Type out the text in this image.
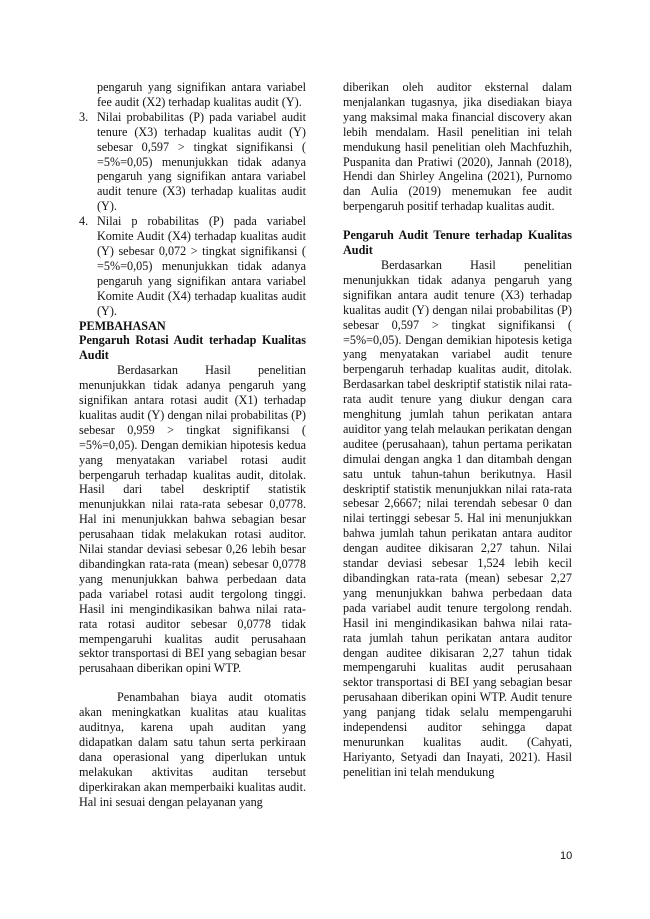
pengaruh yang signifikan antara variabel fee audit (X2) terhadap kualitas audit (Y).

3. Nilai probabilitas (P) pada variabel audit tenure (X3) terhadap kualitas audit (Y) sebesar 0,597 > tingkat signifikansi ( =5%=0,05) menunjukkan tidak adanya pengaruh yang signifikan antara variabel audit tenure (X3) terhadap kualitas audit (Y).
4. Nilai p robabilitas (P) pada variabel Komite Audit (X4) terhadap kualitas audit (Y) sebesar 0,072 > tingkat signifikansi ( =5%=0,05) menunjukkan tidak adanya pengaruh yang signifikan antara variabel Komite Audit (X4) terhadap kualitas audit (Y).

PEMBAHASAN

Pengaruh Rotasi Audit terhadap Kualitas Audit

Berdasarkan Hasil penelitian menunjukkan tidak adanya pengaruh yang signifikan antara rotasi audit (X1) terhadap kualitas audit (Y) dengan nilai probabilitas (P) sebesar 0,959 > tingkat signifikansi ( =5%=0,05). Dengan demikian hipotesis kedua yang menyatakan variabel rotasi audit berpengaruh terhadap kualitas audit, ditolak. Hasil dari tabel deskriptif statistik menunjukkan nilai rata-rata sebesar 0,0778. Hal ini menunjukkan bahwa sebagian besar perusahaan tidak melakukan rotasi auditor. Nilai standar deviasi sebesar 0,26 lebih besar dibandingkan rata-rata (mean) sebesar 0,0778 yang menunjukkan bahwa perbedaan data pada variabel rotasi audit tergolong tinggi. Hasil ini mengindikasikan bahwa nilai rata-rata rotasi auditor sebesar 0,0778 tidak mempengaruhi kualitas audit perusahaan sektor transportasi di BEI yang sebagian besar perusahaan diberikan opini WTP.

Penambahan biaya audit otomatis akan meningkatkan kualitas atau kualitas auditnya, karena upah auditan yang didapatkan dalam satu tahun serta perkiraan dana operasional yang diperlukan untuk melakukan aktivitas auditan tersebut diperkirakan akan memperbaiki kualitas audit. Hal ini sesuai dengan pelayanan yang

diberikan oleh auditor eksternal dalam menjalankan tugasnya, jika disediakan biaya yang maksimal maka financial discovery akan lebih mendalam. Hasil penelitian ini telah mendukung hasil penelitian oleh Machfuzhih, Puspanita dan Pratiwi (2020), Jannah (2018), Hendi dan Shirley Angelina (2021), Purnomo dan Aulia (2019) menemukan fee audit berpengaruh positif terhadap kualitas audit.

Pengaruh Audit Tenure terhadap Kualitas Audit

Berdasarkan Hasil penelitian menunjukkan tidak adanya pengaruh yang signifikan antara audit tenure (X3) terhadap kualitas audit (Y) dengan nilai probabilitas (P) sebesar 0,597 > tingkat signifikansi ( =5%=0,05). Dengan demikian hipotesis ketiga yang menyatakan variabel audit tenure berpengaruh terhadap kualitas audit, ditolak. Berdasarkan tabel deskriptif statistik nilai rata-rata audit tenure yang diukur dengan cara menghitung jumlah tahun perikatan antara auiditor yang telah melaukan perikatan dengan auditee (perusahaan), tahun pertama perikatan dimulai dengan angka 1 dan ditambah dengan satu untuk tahun-tahun berikutnya. Hasil deskriptif statistik menunjukkan nilai rata-rata sebesar 2,6667; nilai terendah sebesar 0 dan nilai tertinggi sebesar 5. Hal ini menunjukkan bahwa jumlah tahun perikatan antara auditor dengan auditee dikisaran 2,27 tahun. Nilai standar deviasi sebesar 1,524 lebih kecil dibandingkan rata-rata (mean) sebesar 2,27 yang menunjukkan bahwa perbedaan data pada variabel audit tenure tergolong rendah. Hasil ini mengindikasikan bahwa nilai rata-rata jumlah tahun perikatan antara auditor dengan auditee dikisaran 2,27 tahun tidak mempengaruhi kualitas audit perusahaan sektor transportasi di BEI yang sebagian besar perusahaan diberikan opini WTP. Audit tenure yang panjang tidak selalu mempengaruhi independensi auditor sehingga dapat menurunkan kualitas audit. (Cahyati, Hariyanto, Setyadi dan Inayati, 2021). Hasil penelitian ini telah mendukung

10
